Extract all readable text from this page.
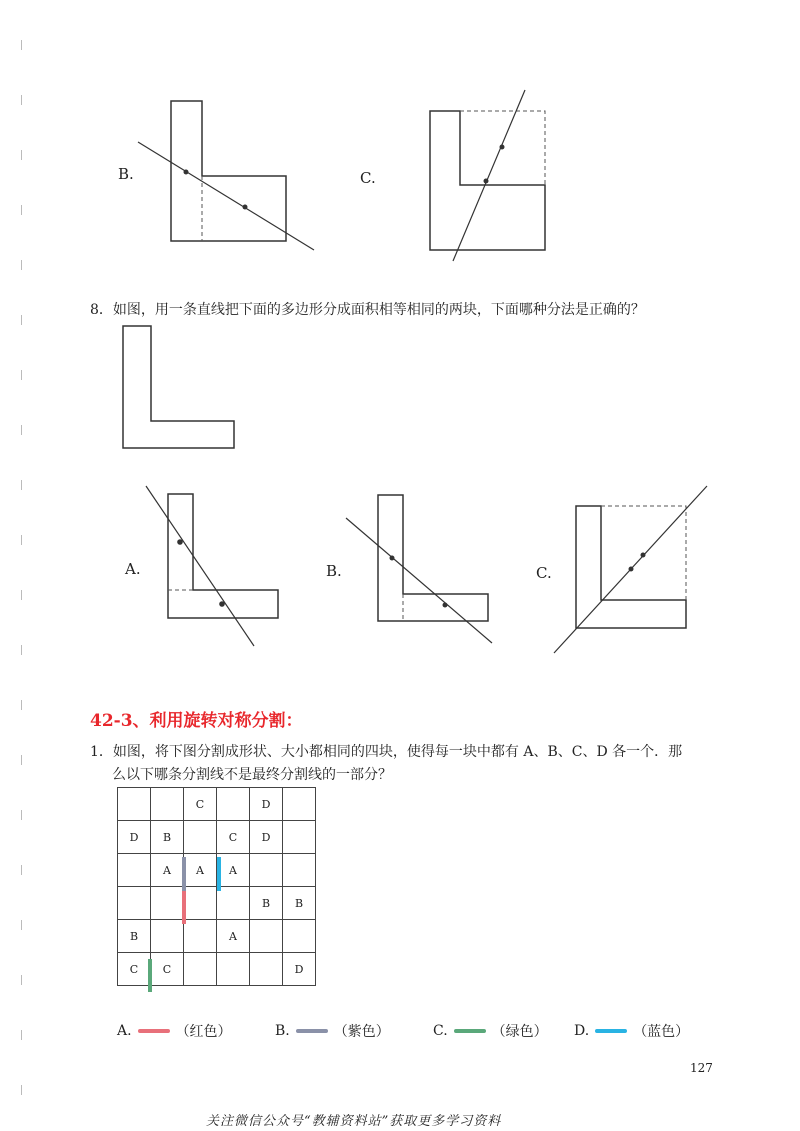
B.	C.
8．如图，用一条直线把下面的多边形分成面积相等相同的两块，下面哪种分法是正确的？
A.	B.	C.
42-3、利用旋转对称分割：
1．如图，将下图分割成形状、大小都相同的四块，使得每一块中都有 A、B、C、D 各一个．那
么以下哪条分割线不是最终分割线的一部分？
		C		D	
D	B		C	D	
	A	A	A		
				B	B
B			A		
C	C				D
A.	（红色）	B.	（紫色）	C.	（绿色） D.	（蓝色）
127
关注微信公众号“教辅资料站”获取更多学习资料
